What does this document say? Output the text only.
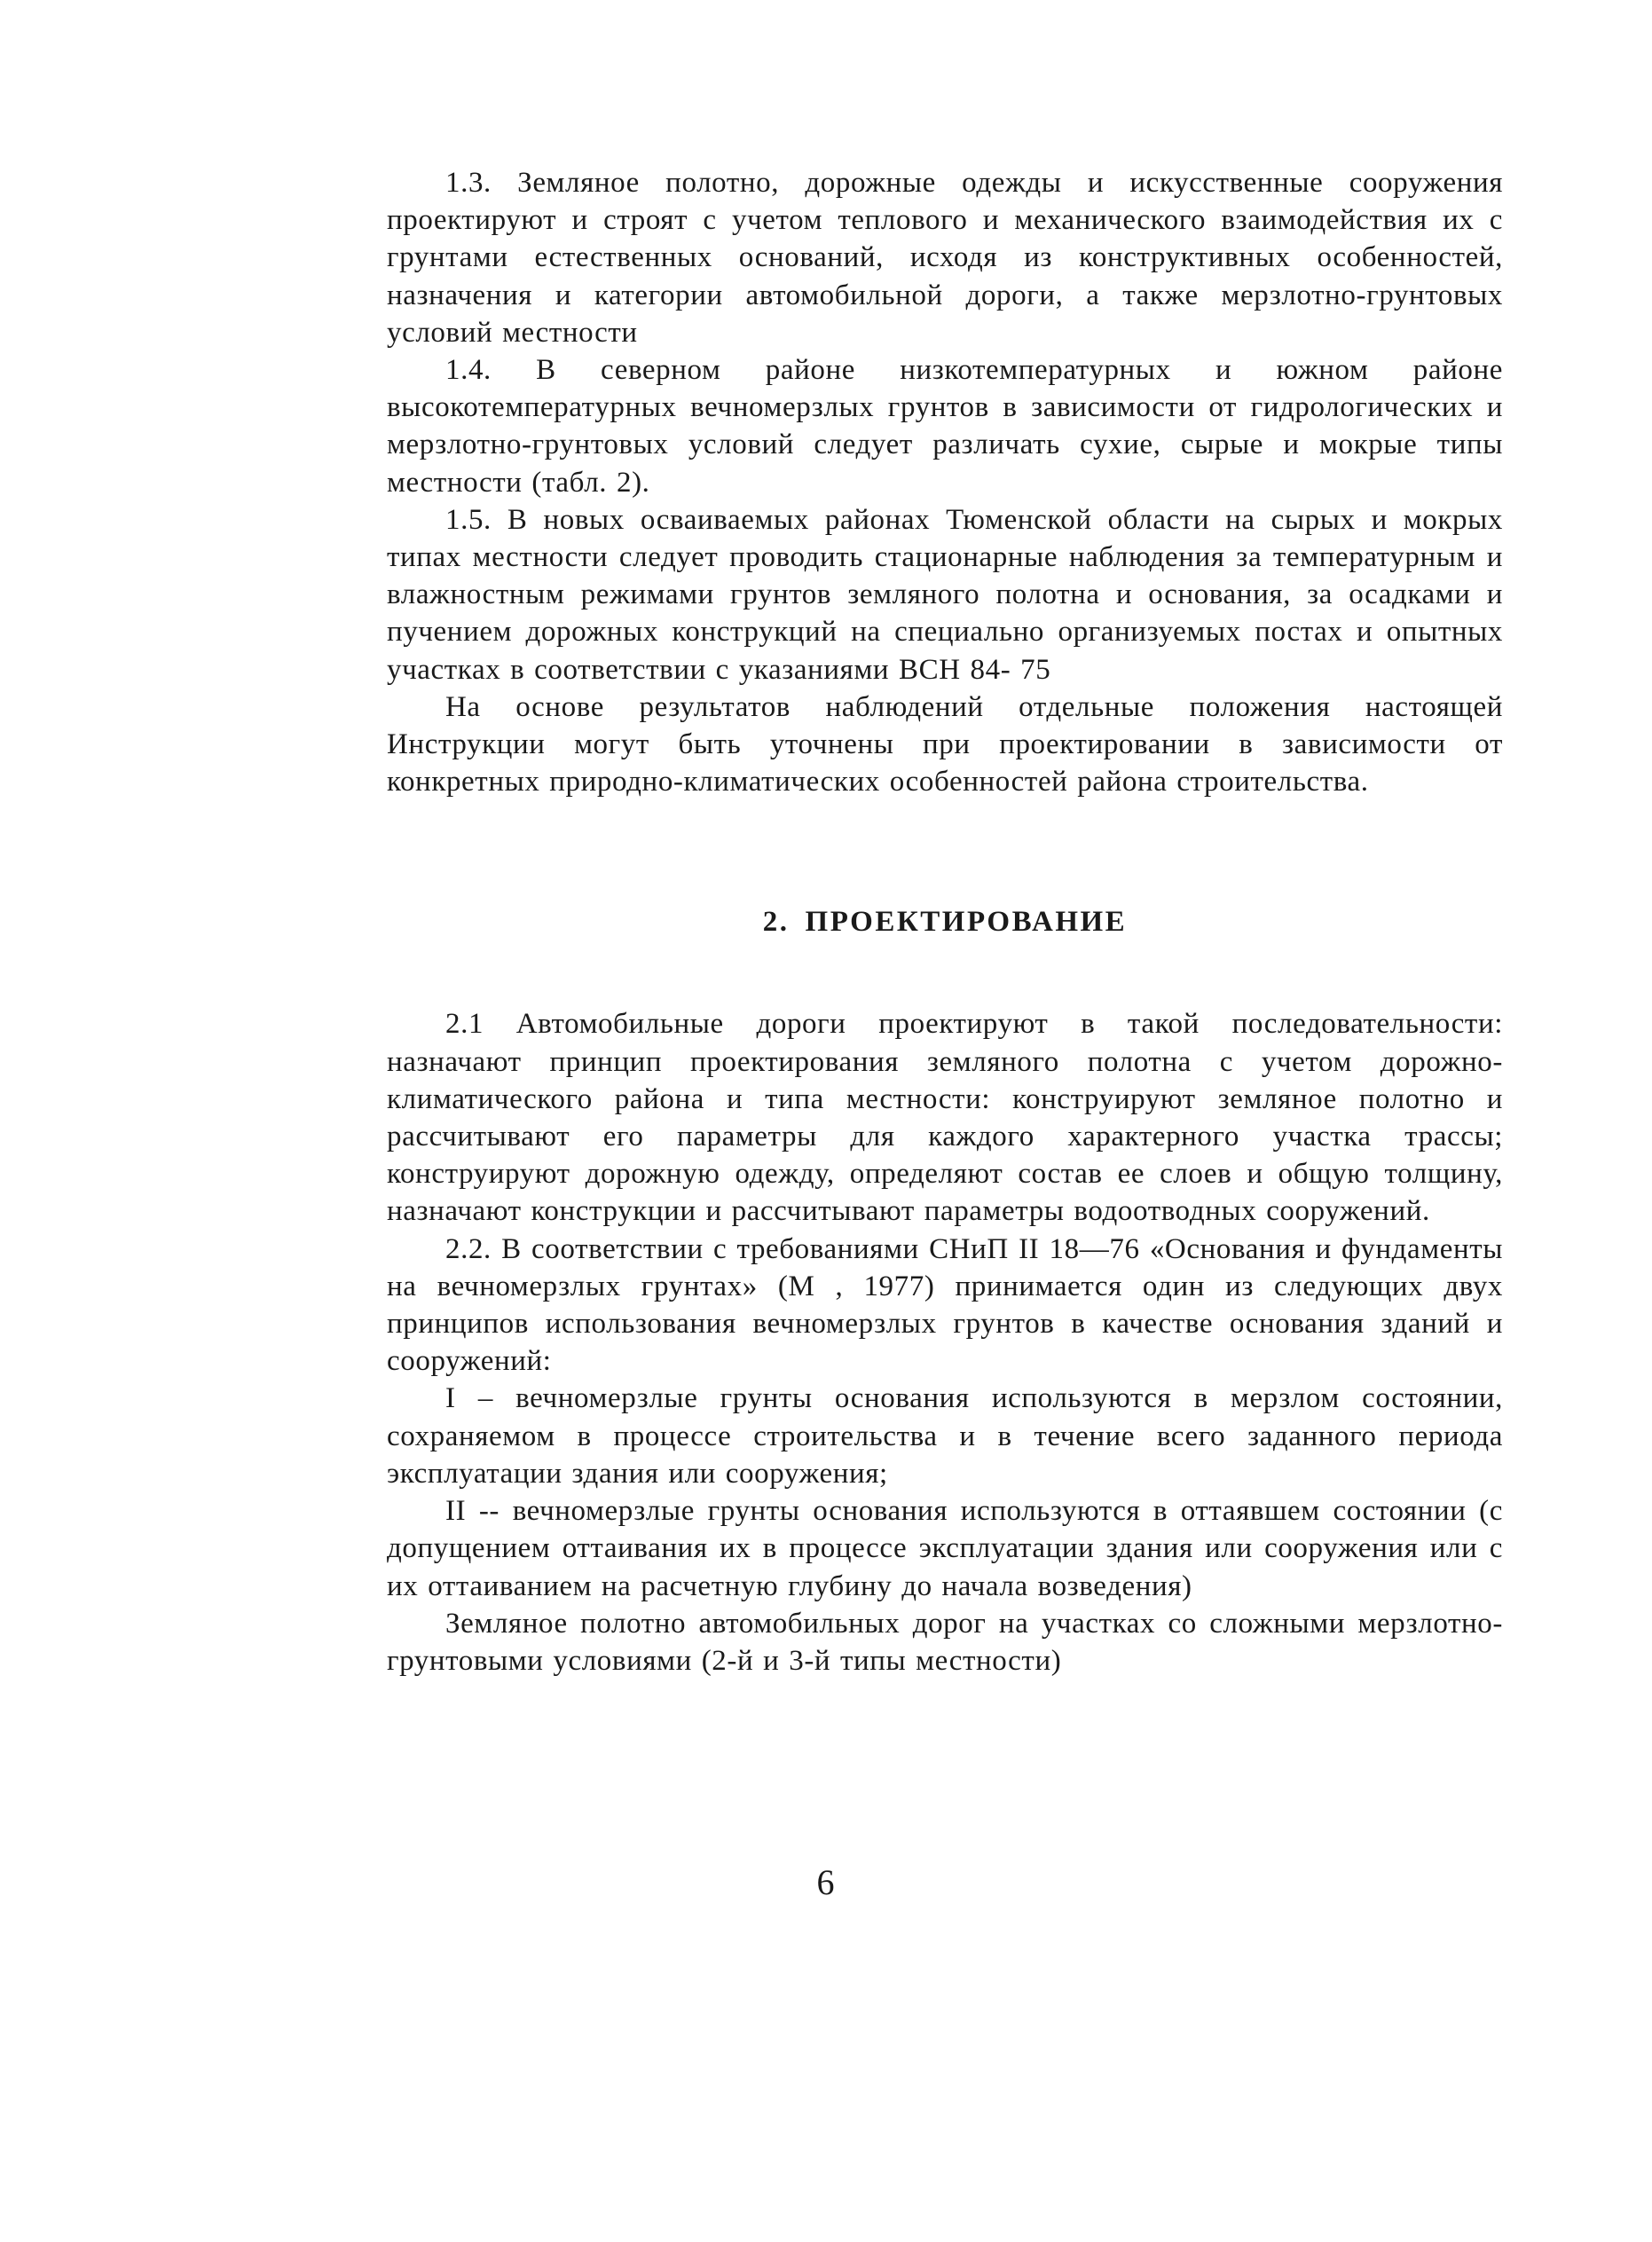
1.3. Земляное полотно, дорожные одежды и искусственные сооружения проектируют и строят с учетом теплового и механического взаимодействия их с грунтами естественных оснований, исходя из конструктивных особенностей, назначения и категории автомобильной дороги, а также мерзлотно-грунтовых условий местности

1.4. В северном районе низкотемпературных и южном районе высокотемпературных вечномерзлых грунтов в зависимости от гидрологических и мерзлотно-грунтовых условий следует различать сухие, сырые и мокрые типы местности (табл. 2).

1.5. В новых осваиваемых районах Тюменской области на сырых и мокрых типах местности следует проводить стационарные наблюдения за температурным и влажностным режимами грунтов земляного полотна и основания, за осадками и пучением дорожных конструкций на специально организуемых постах и опытных участках в соответствии с указаниями ВСН 84- 75

На основе результатов наблюдений отдельные положения настоящей Инструкции могут быть уточнены при проектировании в зависимости от конкретных природно-климатических особенностей района строительства.

2. ПРОЕКТИРОВАНИЕ

2.1 Автомобильные дороги проектируют в такой последовательности: назначают принцип проектирования земляного полотна с учетом дорожно-климатического района и типа местности: конструируют земляное полотно и рассчитывают его параметры для каждого характерного участка трассы; конструируют дорожную одежду, определяют состав ее слоев и общую толщину, назначают конструкции и рассчитывают параметры водоотводных сооружений.

2.2. В соответствии с требованиями СНиП II 18—76 «Основания и фундаменты на вечномерзлых грунтах» (М , 1977) принимается один из следующих двух принципов использования вечномерзлых грунтов в качестве основания зданий и сооружений:

I – вечномерзлые грунты основания используются в мерзлом состоянии, сохраняемом в процессе строительства и в течение всего заданного периода эксплуатации здания или сооружения;

II -- вечномерзлые грунты основания используются в оттаявшем состоянии (с допущением оттаивания их в процессе эксплуатации здания или сооружения или с их оттаиванием на расчетную глубину до начала возведения)

Земляное полотно автомобильных дорог на участках со сложными мерзлотно-грунтовыми условиями (2-й и 3-й типы местности)

6
